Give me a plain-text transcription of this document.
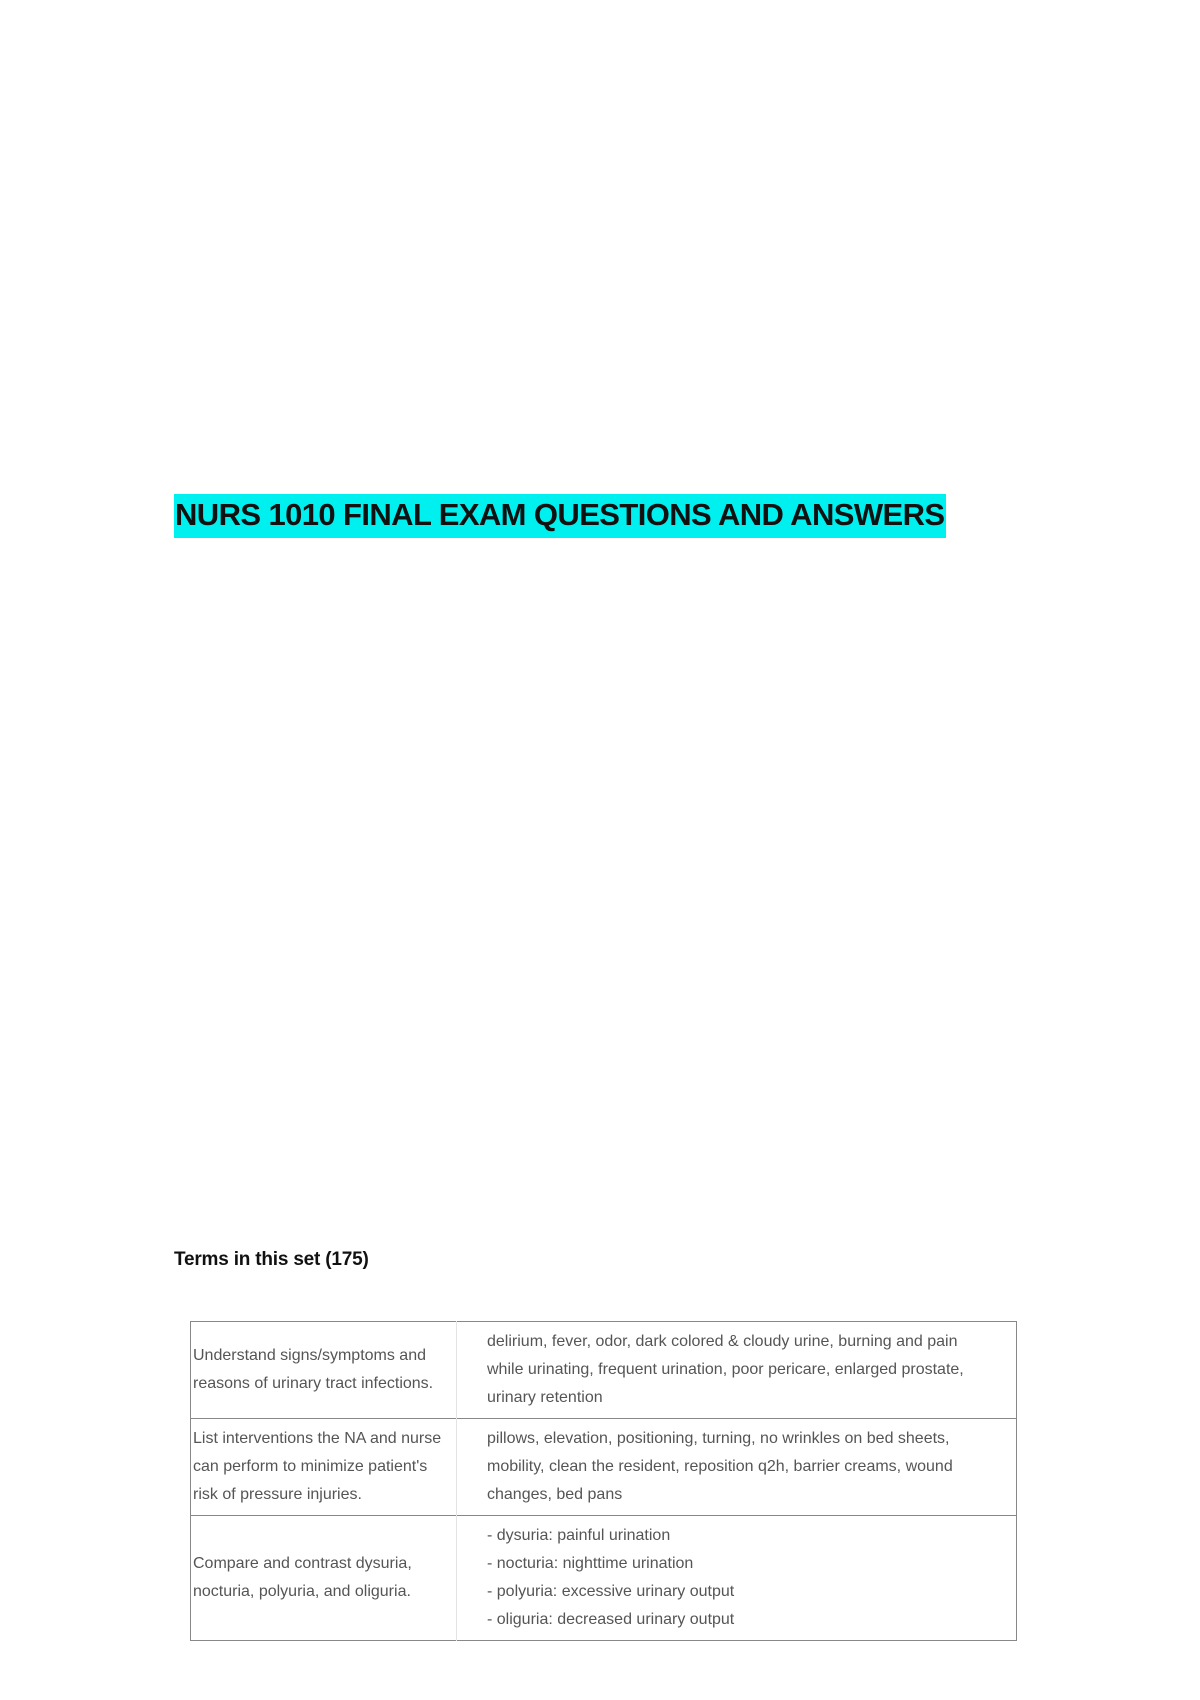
NURS 1010 FINAL EXAM QUESTIONS AND ANSWERS
Terms in this set (175)
Understand signs/symptoms and reasons of urinary tract infections.	delirium, fever, odor, dark colored & cloudy urine, burning and pain while urinating, frequent urination, poor pericare, enlarged prostate, urinary retention

List interventions the NA and nurse can perform to minimize patient's risk of pressure injuries.	pillows, elevation, positioning, turning, no wrinkles on bed sheets, mobility, clean the resident, reposition q2h, barrier creams, wound changes, bed pans

Compare and contrast dysuria, nocturia, polyuria, and oliguria.	- dysuria: painful urination
- nocturia: nighttime urination
- polyuria: excessive urinary output
- oliguria: decreased urinary output
